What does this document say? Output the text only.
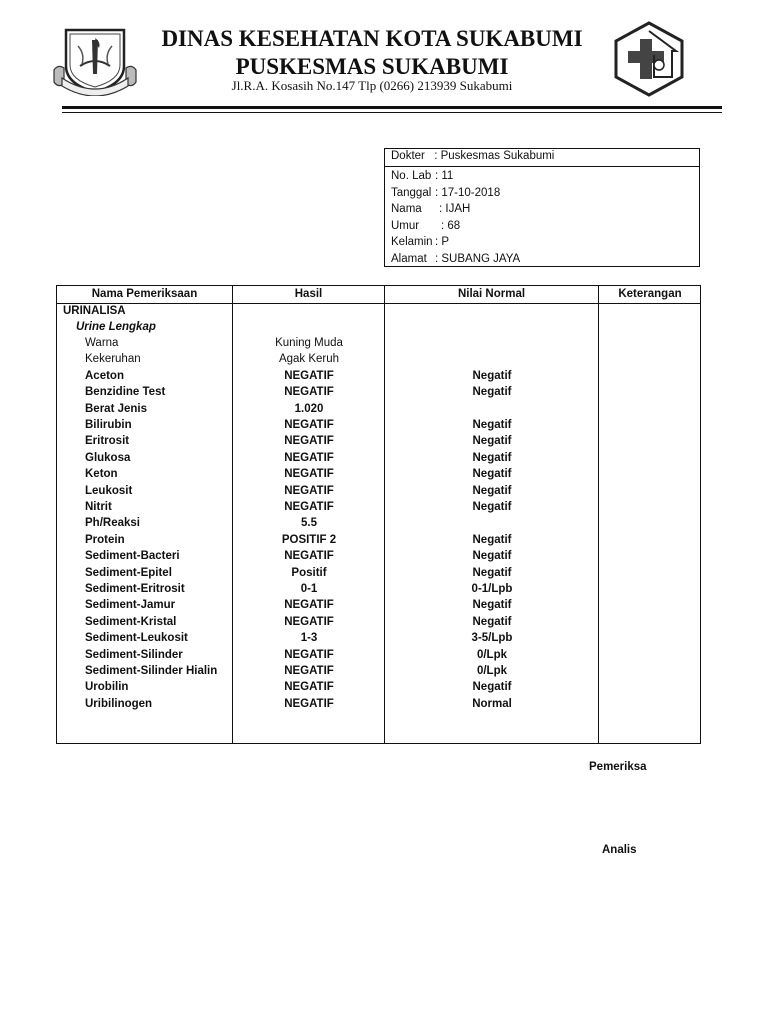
DINAS KESEHATAN KOTA SUKABUMI
PUSKESMAS SUKABUMI
Jl.R.A. Kosasih No.147 Tlp (0266) 213939 Sukabumi
Dokter : Puskesmas Sukabumi
No. Lab : 11
Tanggal : 17-10-2018
Nama : IJAH
Umur : 68
Kelamin : P
Alamat : SUBANG JAYA
Nama Pemeriksaan	Hasil	Nilai Normal	Keterangan
URINALISA
Urine Lengkap
Warna	Kuning Muda
Kekeruhan	Agak Keruh
Aceton	NEGATIF	Negatif
Benzidine Test	NEGATIF	Negatif
Berat Jenis	1.020
Bilirubin	NEGATIF	Negatif
Eritrosit	NEGATIF	Negatif
Glukosa	NEGATIF	Negatif
Keton	NEGATIF	Negatif
Leukosit	NEGATIF	Negatif
Nitrit	NEGATIF	Negatif
Ph/Reaksi	5.5
Protein	POSITIF 2	Negatif
Sediment-Bacteri	NEGATIF	Negatif
Sediment-Epitel	Positif	Negatif
Sediment-Eritrosit	0-1	0-1/Lpb
Sediment-Jamur	NEGATIF	Negatif
Sediment-Kristal	NEGATIF	Negatif
Sediment-Leukosit	1-3	3-5/Lpb
Sediment-Silinder	NEGATIF	0/Lpk
Sediment-Silinder Hialin	NEGATIF	0/Lpk
Urobilin	NEGATIF	Negatif
Uribilinogen	NEGATIF	Normal
Pemeriksa
Analis
